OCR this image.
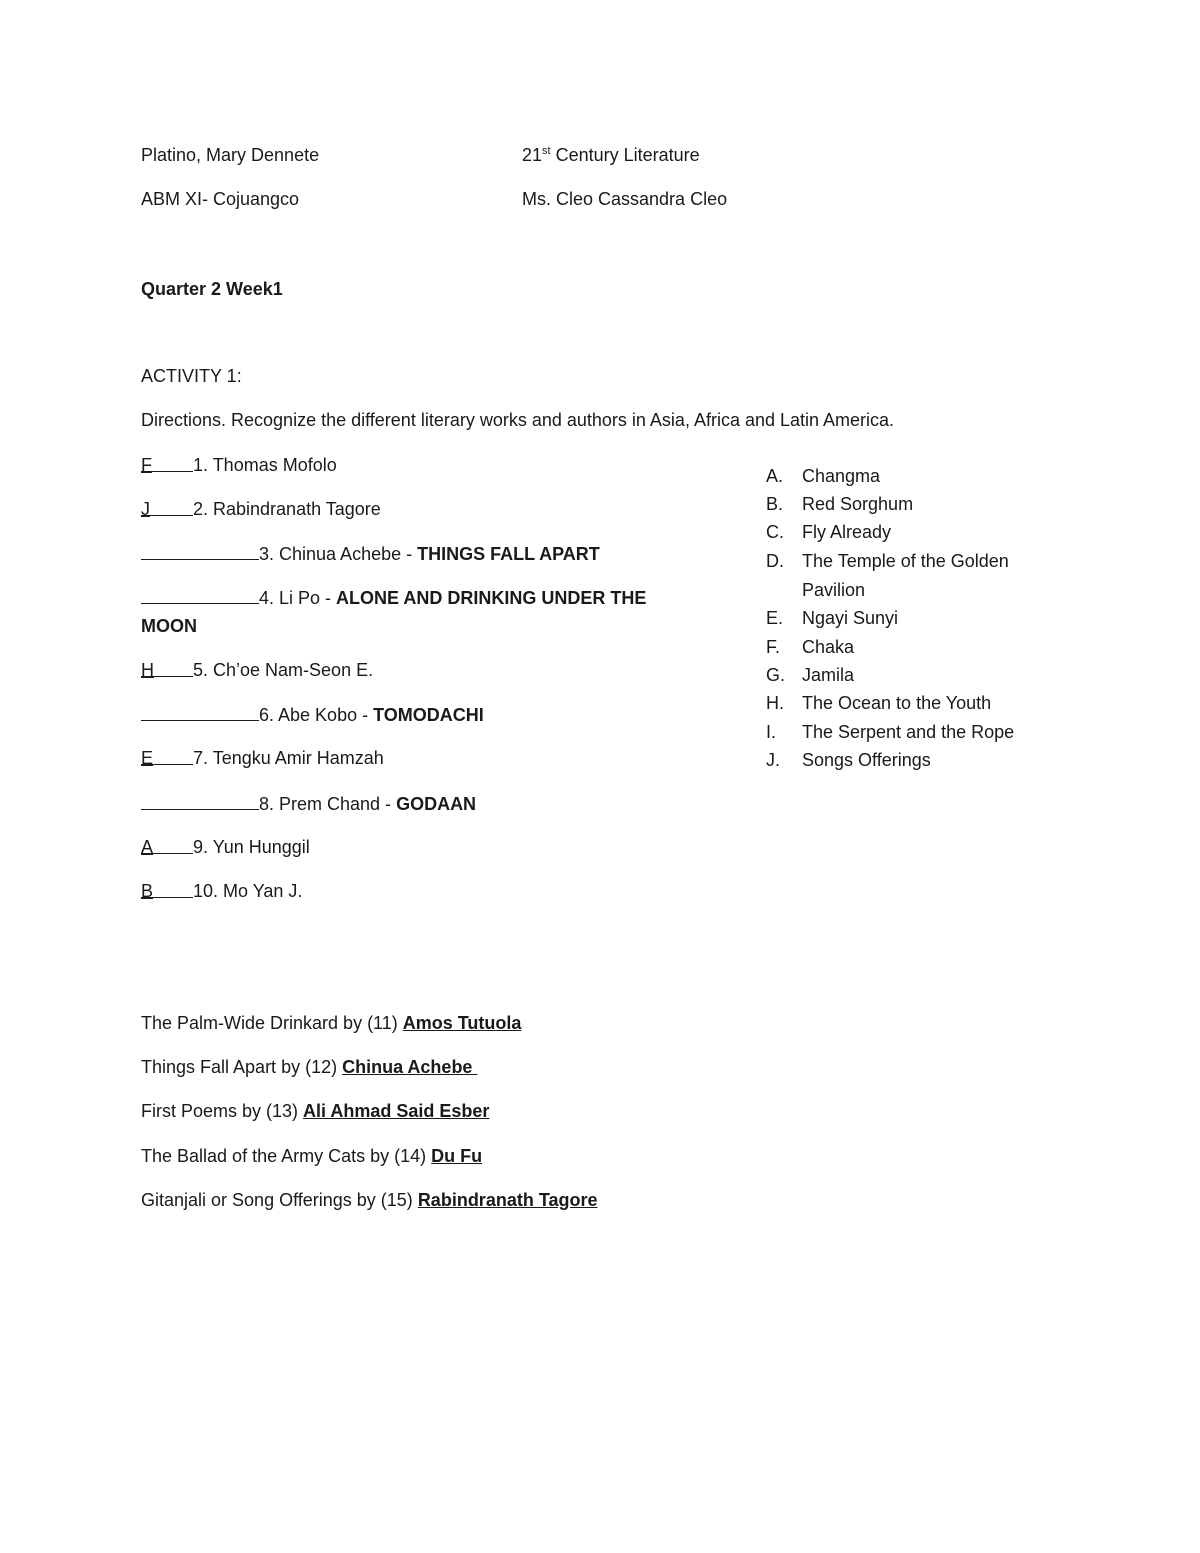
Platino, Mary Dennete	21st Century Literature
ABM XI- Cojuangco	Ms. Cleo Cassandra Cleo
Quarter 2 Week1
ACTIVITY 1:
Directions. Recognize the different literary works and authors in Asia, Africa and Latin America.
F 1. Thomas Mofolo
J 2. Rabindranath Tagore
3. Chinua Achebe - THINGS FALL APART
4. Li Po - ALONE AND DRINKING UNDER THE
MOON
H 5. Ch’oe Nam-Seon E.
6. Abe Kobo - TOMODACHI
E 7. Tengku Amir Hamzah
8. Prem Chand - GODAAN
A 9. Yun Hunggil
B 10. Mo Yan J.
A. Changma
B. Red Sorghum
C. Fly Already
D. The Temple of the Golden
Pavilion
E. Ngayi Sunyi
F. Chaka
G. Jamila
H. The Ocean to the Youth
I. The Serpent and the Rope
J. Songs Offerings
The Palm-Wide Drinkard by (11) Amos Tutuola
Things Fall Apart by (12) Chinua Achebe
First Poems by (13) Ali Ahmad Said Esber
The Ballad of the Army Cats by (14) Du Fu
Gitanjali or Song Offerings by (15) Rabindranath Tagore
